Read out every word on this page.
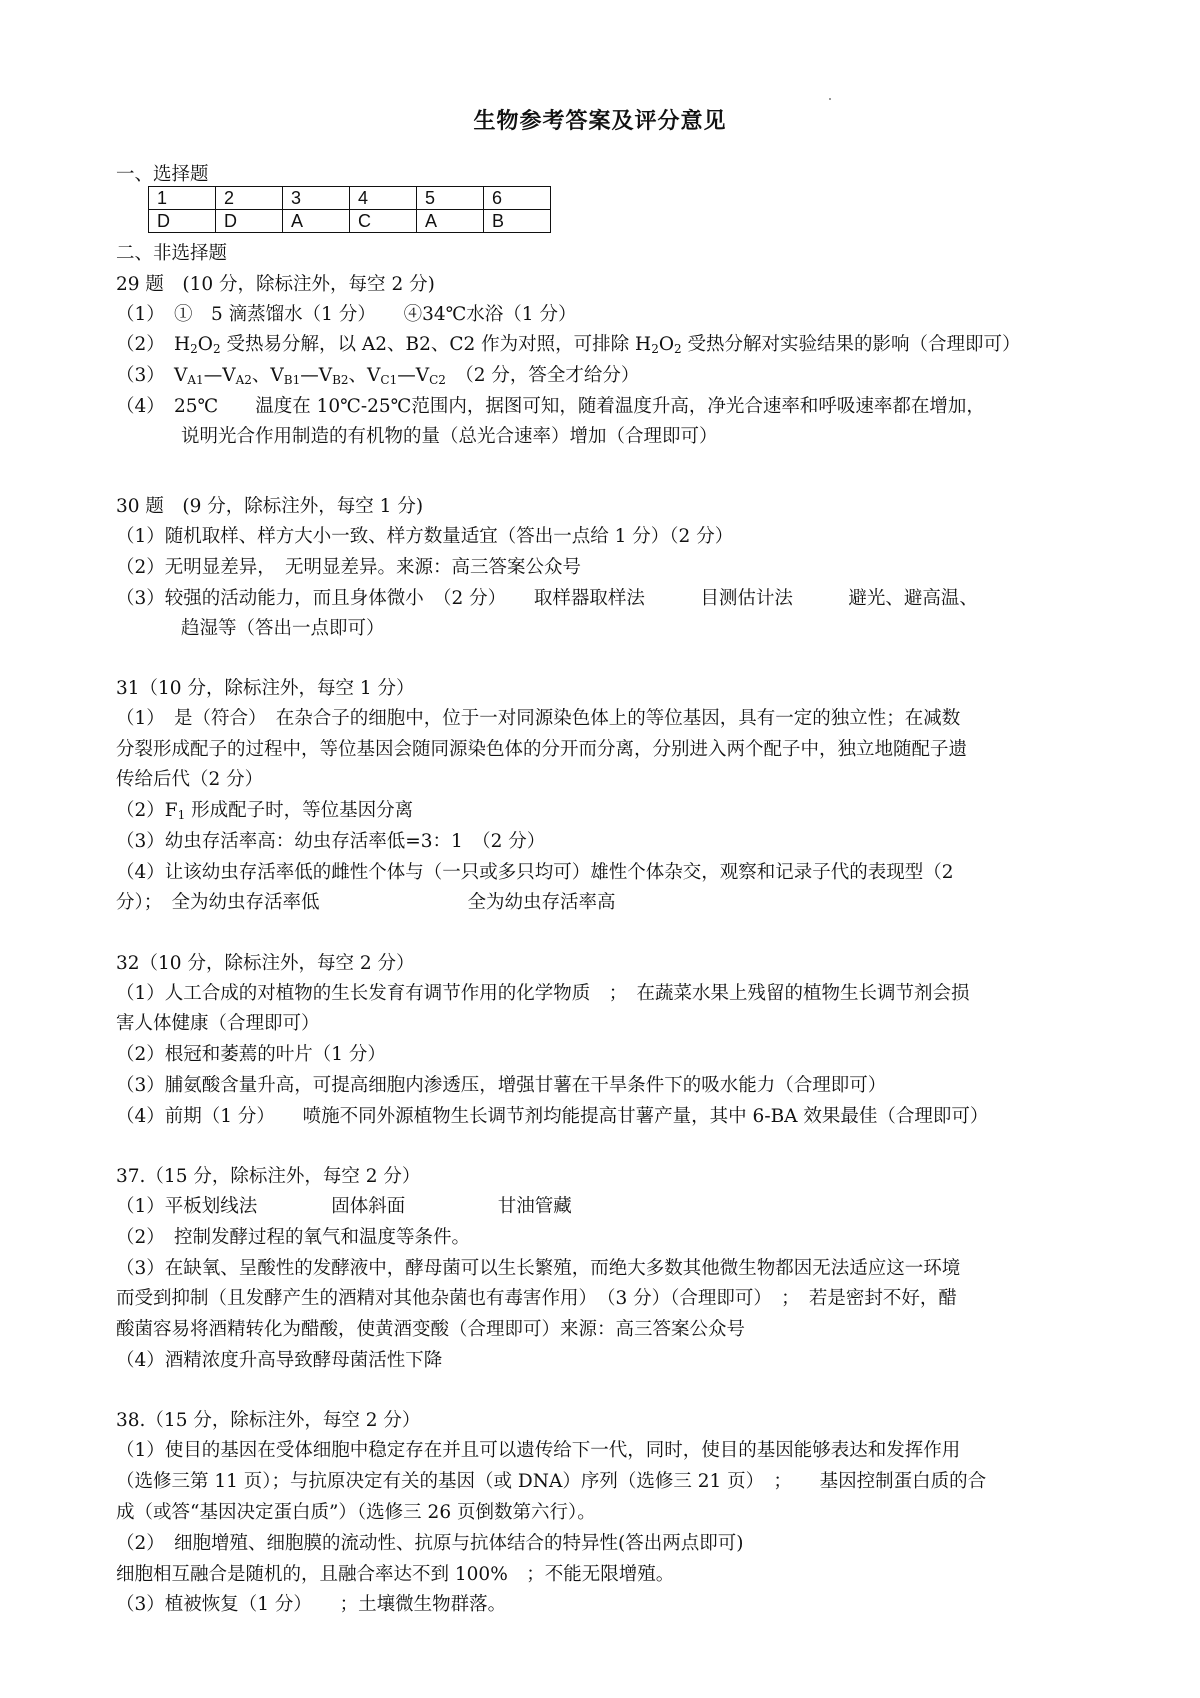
生物参考答案及评分意见
一、选择题
1	2	3	4	5	6
D	D	A	C	A	B
二、非选择题
29 题　(10 分，除标注外，每空 2 分)
（1）　①　5 滴蒸馏水（1 分）　　④34℃水浴（1 分）
（2）　$H_2O_2$ 受热易分解，以 A2、B2、C2 作为对照，可排除 $H_2O_2$ 受热分解对实验结果的影响（合理即可）
（3）　$V_{A1}—V_{A2}$、$V_{B1}—V_{B2}$、$V_{C1}—V_{C2}$　（2 分，答全才给分）
（4）　25℃　　温度在 10℃-25℃范围内，据图可知，随着温度升高，净光合速率和呼吸速率都在增加，
说明光合作用制造的有机物的量（总光合速率）增加（合理即可）
30 题　(9 分，除标注外，每空 1 分)
（1）随机取样、样方大小一致、样方数量适宜（答出一点给 1 分）（2 分）
（2）无明显差异，　无明显差异。来源：高三答案公众号
（3）较强的活动能力，而且身体微小　（2 分）　　取样器取样法　　　目测估计法　　　避光、避高温、
趋湿等（答出一点即可）
31（10 分，除标注外，每空 1 分）
（1）　是（符合）　在杂合子的细胞中，位于一对同源染色体上的等位基因，具有一定的独立性；在减数
分裂形成配子的过程中，等位基因会随同源染色体的分开而分离，分别进入两个配子中，独立地随配子遗
传给后代（2 分）
$(2)F_1$ 形成配子时，等位基因分离
（3）幼虫存活率高：幼虫存活率低=3：1　（2 分）
（4）让该幼虫存活率低的雌性个体与（一只或多只均可）雄性个体杂交，观察和记录子代的表现型（2
分）；　全为幼虫存活率低　　　　　　　　全为幼虫存活率高
32（10 分，除标注外，每空 2 分）
（1）人工合成的对植物的生长发育有调节作用的化学物质　；　在蔬菜水果上残留的植物生长调节剂会损
害人体健康（合理即可）
（2）根冠和萎蔫的叶片（1 分）
（3）脯氨酸含量升高，可提高细胞内渗透压，增强甘薯在干旱条件下的吸水能力（合理即可）
（4）前期（1 分）　　喷施不同外源植物生长调节剂均能提高甘薯产量，其中 6-BA 效果最佳（合理即可）
37.（15 分，除标注外，每空 2 分）
（1）平板划线法　　　　固体斜面　　　　　甘油管藏
（2）　控制发酵过程的氧气和温度等条件。
（3）在缺氧、呈酸性的发酵液中，酵母菌可以生长繁殖，而绝大多数其他微生物都因无法适应这一环境
而受到抑制（且发酵产生的酒精对其他杂菌也有毒害作用）　（3 分）（合理即可）　；　若是密封不好，醋
酸菌容易将酒精转化为醋酸，使黄酒变酸（合理即可）来源：高三答案公众号
（4）酒精浓度升高导致酵母菌活性下降
38.（15 分，除标注外，每空 2 分）
（1）使目的基因在受体细胞中稳定存在并且可以遗传给下一代，同时，使目的基因能够表达和发挥作用
（选修三第 11 页）；与抗原决定有关的基因（或 DNA）序列（选修三 21 页）　；　　基因控制蛋白质的合
成（或答“基因决定蛋白质”）（选修三 26 页倒数第六行）。
（2）　细胞增殖、细胞膜的流动性、抗原与抗体结合的特异性(答出两点即可)
细胞相互融合是随机的，且融合率达不到 100%　；不能无限增殖。
（3）植被恢复（1 分）　　；土壤微生物群落。
